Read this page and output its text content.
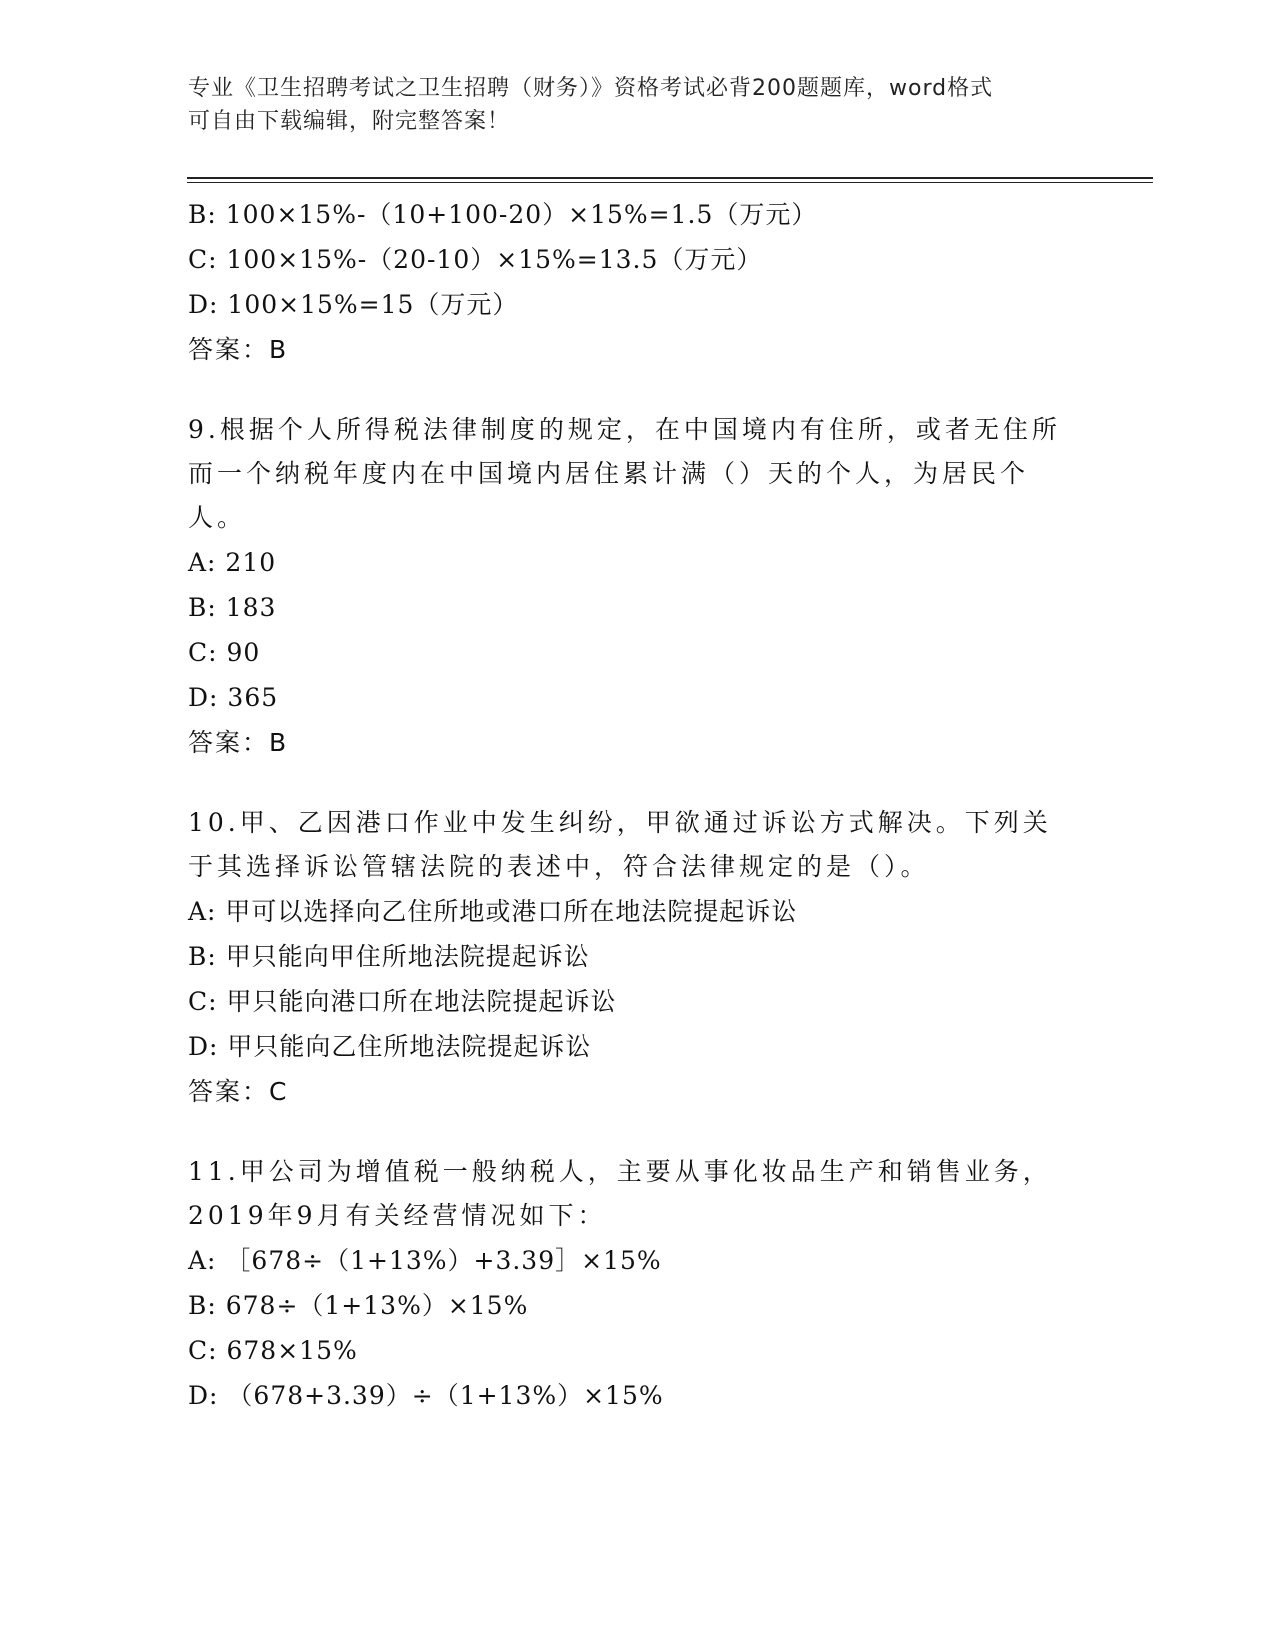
专业《卫生招聘考试之卫生招聘（财务）》资格考试必背200题题库，word格式
可自由下载编辑，附完整答案！
B: 100×15%-（10+100-20）×15%=1.5（万元）
C: 100×15%-（20-10）×15%=13.5（万元）
D: 100×15%=15（万元）
答案：B
9.根据个人所得税法律制度的规定，在中国境内有住所，或者无住所而一个纳税年度内在中国境内居住累计满（）天的个人，为居民个人。
A: 210
B: 183
C: 90
D: 365
答案：B
10.甲、乙因港口作业中发生纠纷，甲欲通过诉讼方式解决。下列关于其选择诉讼管辖法院的表述中，符合法律规定的是（）。
A: 甲可以选择向乙住所地或港口所在地法院提起诉讼
B: 甲只能向甲住所地法院提起诉讼
C: 甲只能向港口所在地法院提起诉讼
D: 甲只能向乙住所地法院提起诉讼
答案：C
11.甲公司为增值税一般纳税人，主要从事化妆品生产和销售业务，2019年9月有关经营情况如下：
A: ［678÷（1+13%）+3.39］×15%
B: 678÷（1+13%）×15%
C: 678×15%
D: （678+3.39）÷（1+13%）×15%
